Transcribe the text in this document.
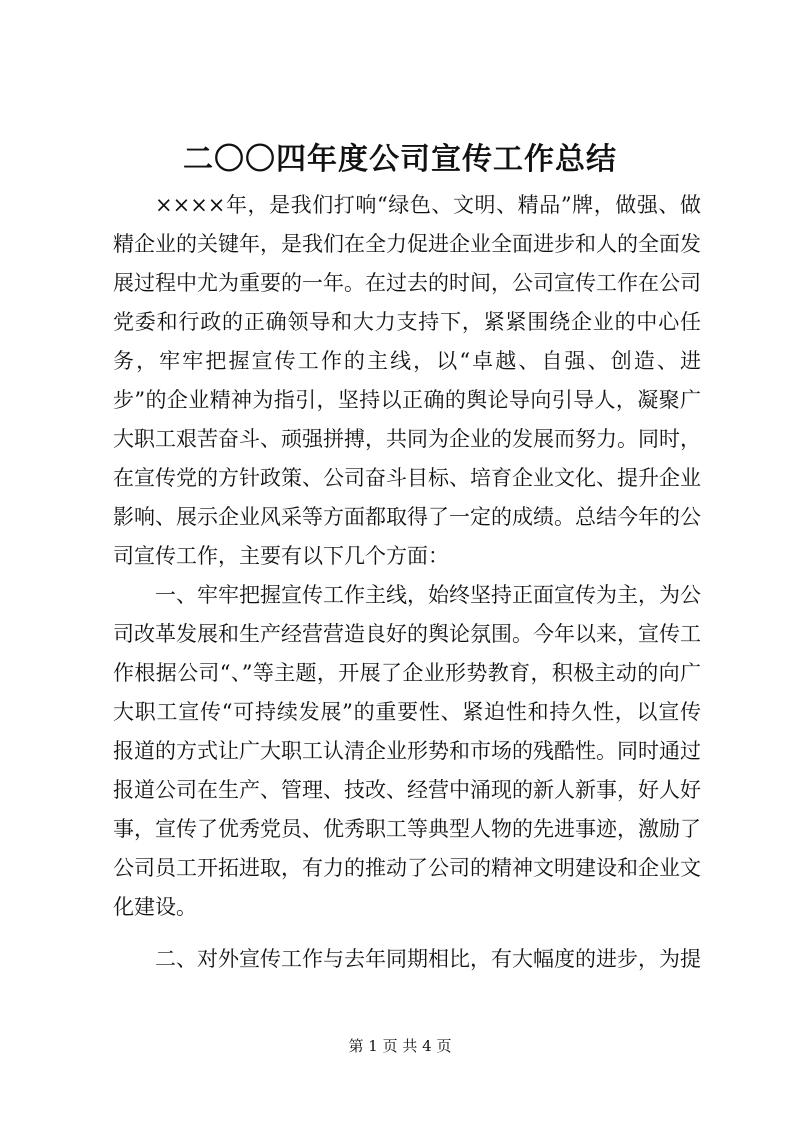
二〇〇四年度公司宣传工作总结

××××年，是我们打响“绿色、文明、精品”牌，做强、做精企业的关键年，是我们在全力促进企业全面进步和人的全面发展过程中尤为重要的一年。在过去的时间，公司宣传工作在公司党委和行政的正确领导和大力支持下，紧紧围绕企业的中心任务，牢牢把握宣传工作的主线，以“卓越、自强、创造、进步”的企业精神为指引，坚持以正确的舆论导向引导人，凝聚广大职工艰苦奋斗、顽强拼搏，共同为企业的发展而努力。同时，在宣传党的方针政策、公司奋斗目标、培育企业文化、提升企业影响、展示企业风采等方面都取得了一定的成绩。总结今年的公司宣传工作，主要有以下几个方面：

一、牢牢把握宣传工作主线，始终坚持正面宣传为主，为公司改革发展和生产经营营造良好的舆论氛围。今年以来，宣传工作根据公司“、”等主题，开展了企业形势教育，积极主动的向广大职工宣传“可持续发展”的重要性、紧迫性和持久性，以宣传报道的方式让广大职工认清企业形势和市场的残酷性。同时通过报道公司在生产、管理、技改、经营中涌现的新人新事，好人好事，宣传了优秀党员、优秀职工等典型人物的先进事迹，激励了公司员工开拓进取，有力的推动了公司的精神文明建设和企业文化建设。

二、对外宣传工作与去年同期相比，有大幅度的进步，为提

第 1 页 共 4 页
